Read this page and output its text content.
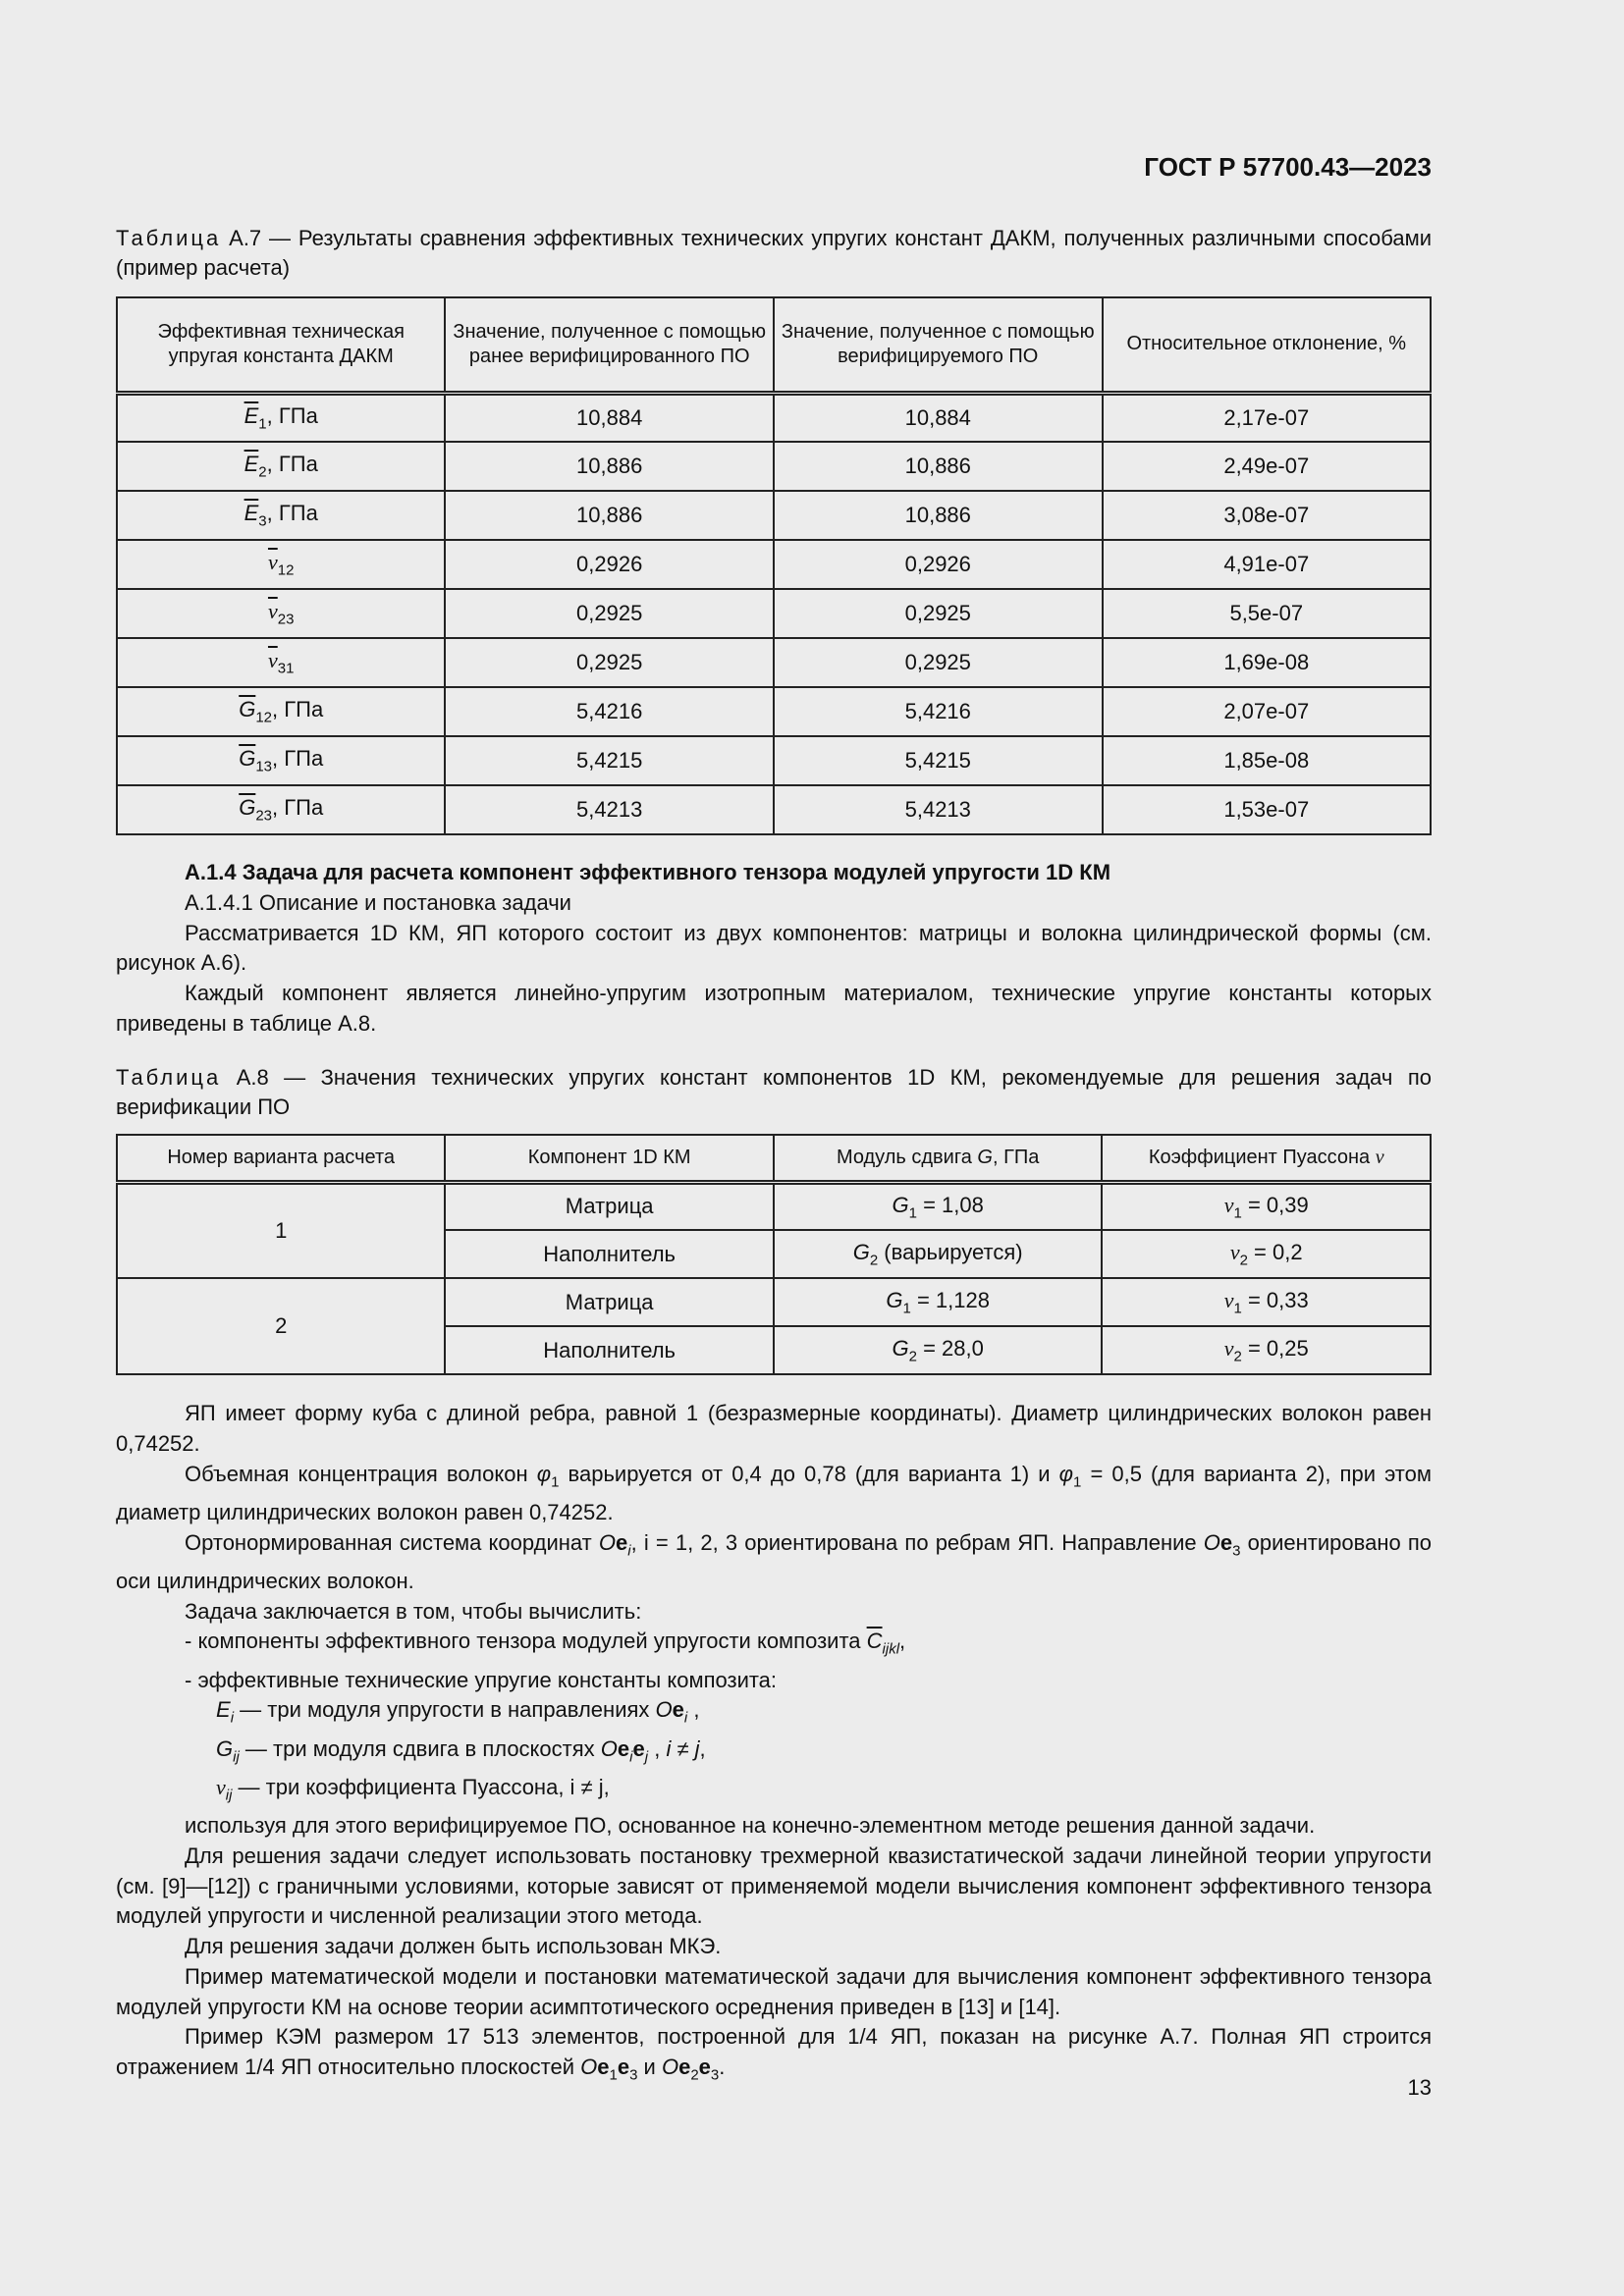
ГОСТ Р 57700.43—2023
Таблица А.7 — Результаты сравнения эффективных технических упругих констант ДАКМ, полученных различными способами (пример расчета)
Эффективная техническая упругая константа ДАКМ	Значение, полученное с помощью ранее верифицированного ПО	Значение, полученное с помощью верифицируемого ПО	Относительное отклонение, %
$\overline{E}_1$, ГПа	10,884	10,884	2,17e-07
$\overline{E}_2$, ГПа	10,886	10,886	2,49e-07
$\overline{E}_3$, ГПа	10,886	10,886	3,08e-07
$\overline{\nu}_{12}$	0,2926	0,2926	4,91e-07
$\overline{\nu}_{23}$	0,2925	0,2925	5,5e-07
$\overline{\nu}_{31}$	0,2925	0,2925	1,69e-08
$\overline{G}_{12}$, ГПа	5,4216	5,4216	2,07e-07
$\overline{G}_{13}$, ГПа	5,4215	5,4215	1,85e-08
$\overline{G}_{23}$, ГПа	5,4213	5,4213	1,53e-07

А.1.4 Задача для расчета компонент эффективного тензора модулей упругости 1D КМ

А.1.4.1 Описание и постановка задачи

Рассматривается 1D КМ, ЯП которого состоит из двух компонентов: матрицы и волокна цилиндрической формы (см. рисунок А.6).

Каждый компонент является линейно-упругим изотропным материалом, технические упругие константы которых приведены в таблице А.8.

Таблица А.8 — Значения технических упругих констант компонентов 1D КМ, рекомендуемые для решения задач по верификации ПО
Номер варианта расчета	Компонент 1D КМ	Модуль сдвига G, ГПа	Коэффициент Пуассона ν
1	Матрица	$G_1 = 1,08$	$\nu_1 = 0,39$
	Наполнитель	$G_2$ (варьируется)	$\nu_2 = 0,2$
2	Матрица	$G_1 = 1,128$	$\nu_1 = 0,33$
	Наполнитель	$G_2 = 28,0$	$\nu_2 = 0,25$

ЯП имеет форму куба с длиной ребра, равной 1 (безразмерные координаты). Диаметр цилиндрических волокон равен 0,74252.

Объемная концентрация волокон $\varphi_1$ варьируется от 0,4 до 0,78 (для варианта 1) и $\varphi_1 = 0,5$ (для варианта 2), при этом диаметр цилиндрических волокон равен 0,74252.

Ортонормированная система координат $Oe_i$, i = 1, 2, 3 ориентирована по ребрам ЯП. Направление $Oe_3$ ориентировано по оси цилиндрических волокон.

Задача заключается в том, чтобы вычислить:

- компоненты эффективного тензора модулей упругости композита $\overline{C}_{ijkl}$,

- эффективные технические упругие константы композита:

$E_i$ — три модуля упругости в направлениях $Oe_i$ ,

$G_{ij}$ — три модуля сдвига в плоскостях $Oe_ie_j$ , i ≠ j,

$\nu_{ij}$ — три коэффициента Пуассона, i ≠ j,

используя для этого верифицируемое ПО, основанное на конечно-элементном методе решения данной задачи.

Для решения задачи следует использовать постановку трехмерной квазистатической задачи линейной теории упругости (см. [9]—[12]) с граничными условиями, которые зависят от применяемой модели вычисления компонент эффективного тензора модулей упругости и численной реализации этого метода.

Для решения задачи должен быть использован МКЭ.

Пример математической модели и постановки математической задачи для вычисления компонент эффективного тензора модулей упругости КМ на основе теории асимптотического осреднения приведен в [13] и [14].

Пример КЭМ размером 17 513 элементов, построенной для 1/4 ЯП, показан на рисунке А.7. Полная ЯП строится отражением 1/4 ЯП относительно плоскостей $Oe_1e_3$ и $Oe_2e_3$.

13
